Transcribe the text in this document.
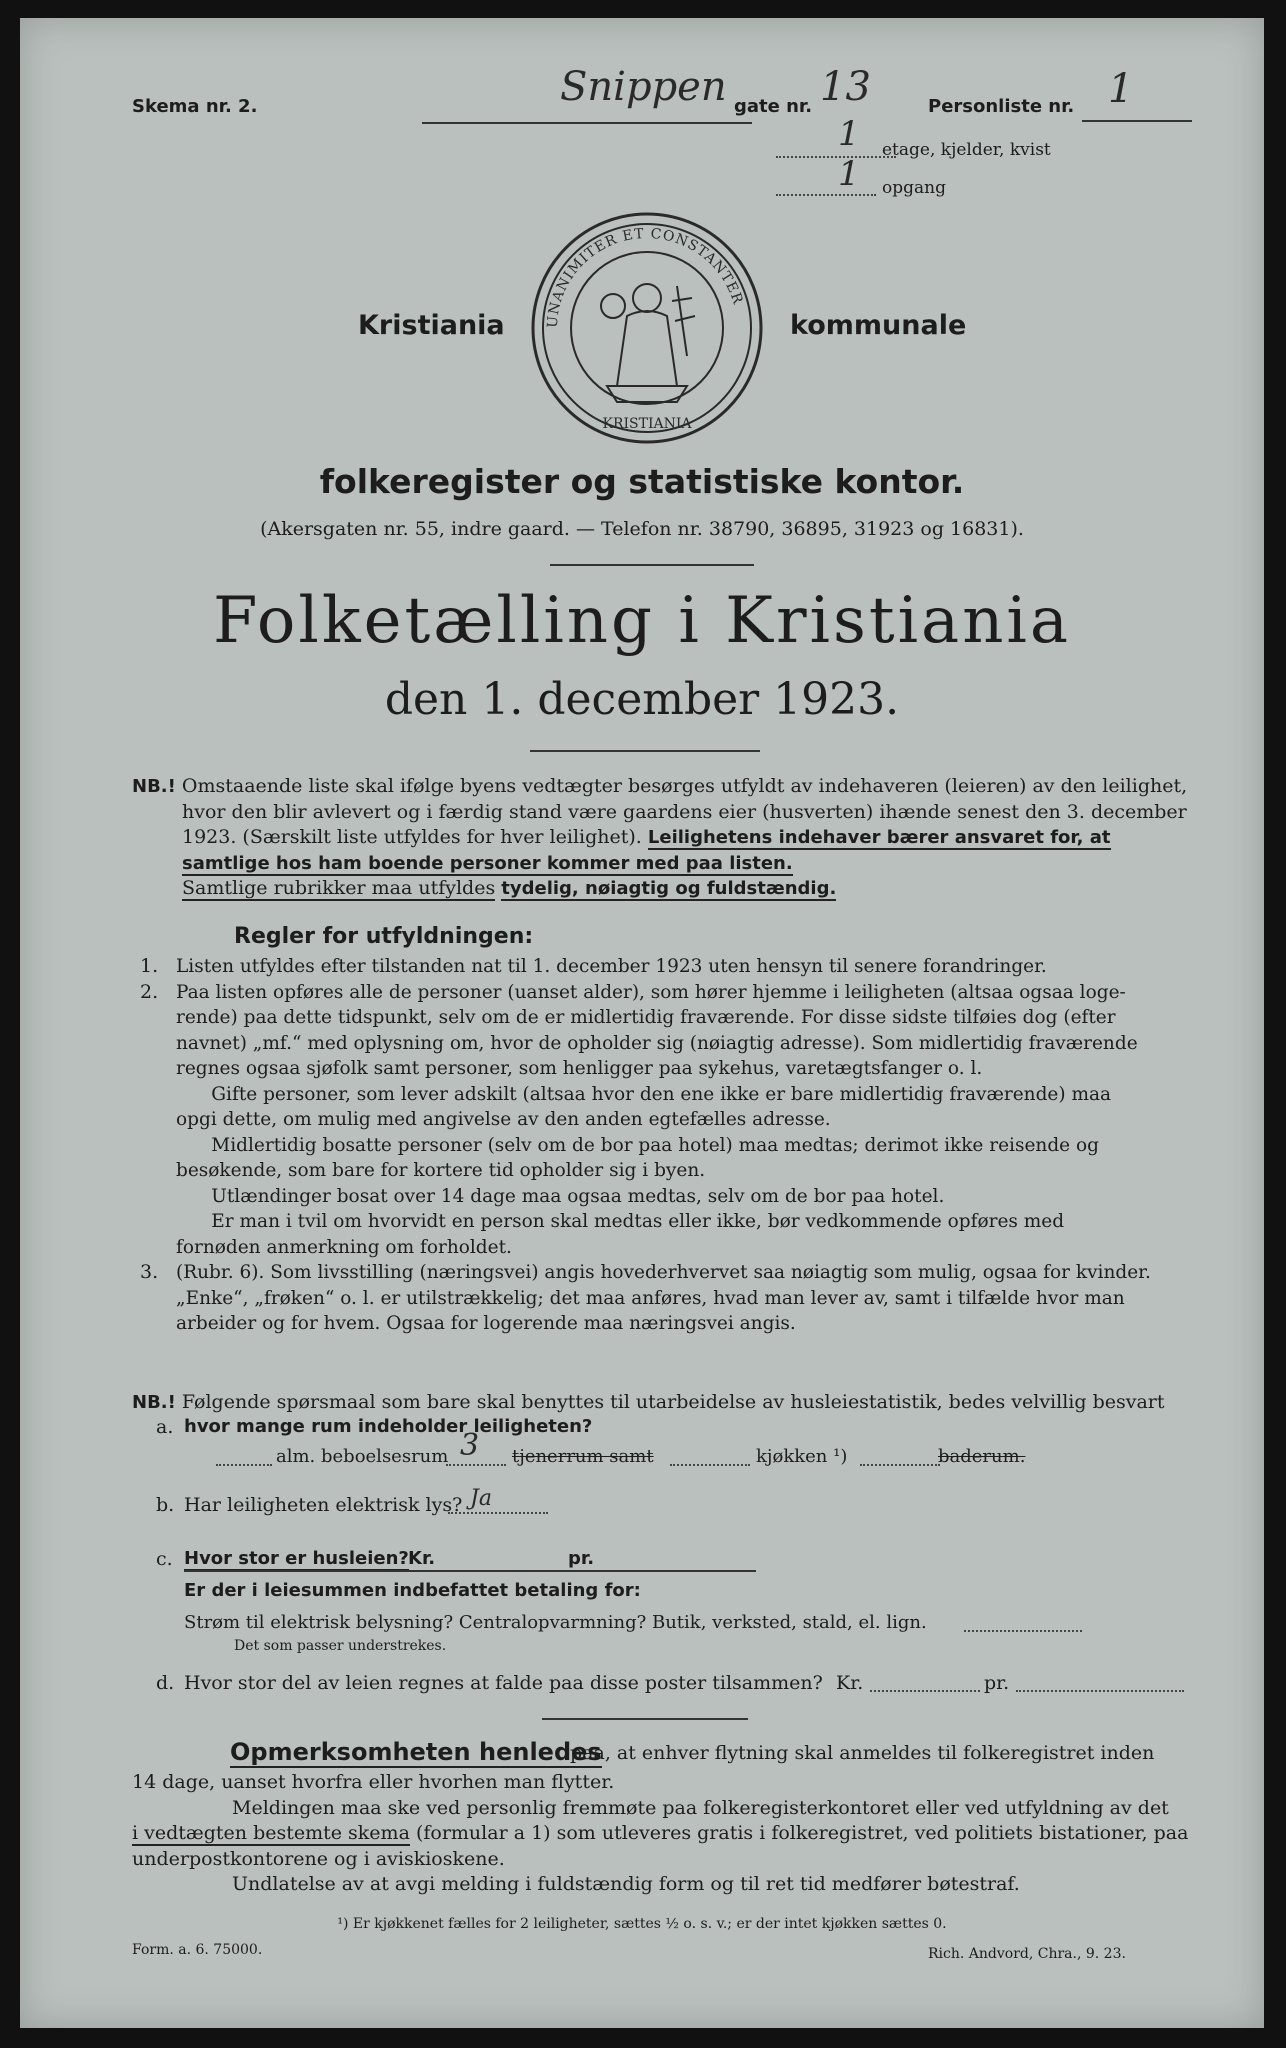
Skema nr. 2.	Snippen gate nr. 13	Personliste nr. 1
1 etage, kjelder, kvist
1 opgang
Kristiania	UNANIMITER ET CONSTANTER
KRISTIANIA
kommunale
folkeregister og statistiske kontor.
(Akersgaten nr. 55, indre gaard. — Telefon nr. 38790, 36895, 31923 og 16831).
Folketælling i Kristiania
den 1. december 1923.
NB.! Omstaaende liste skal ifølge byens vedtægter besørges utfyldt av indehaveren (leieren) av den leilighet,
hvor den blir avlevert og i færdig stand være gaardens eier (husverten) ihænde senest den 3. december
1923. (Særskilt liste utfyldes for hver leilighet). Leilighetens indehaver bærer ansvaret for, at
samtlige hos ham boende personer kommer med paa listen.
Samtlige rubrikker maa utfyldes tydelig, nøiagtig og fuldstændig.
Regler for utfyldningen:
1. Listen utfyldes efter tilstanden nat til 1. december 1923 uten hensyn til senere forandringer.
2. Paa listen opføres alle de personer (uanset alder), som hører hjemme i leiligheten (altsaa ogsaa loge-
rende) paa dette tidspunkt, selv om de er midlertidig fraværende. For disse sidste tilføies dog (efter
navnet) „mf.“ med oplysning om, hvor de opholder sig (nøiagtig adresse). Som midlertidig fraværende
regnes ogsaa sjøfolk samt personer, som henligger paa sykehus, varetægtsfanger o. l.
Gifte personer, som lever adskilt (altsaa hvor den ene ikke er bare midlertidig fraværende) maa
opgi dette, om mulig med angivelse av den anden egtefælles adresse.
Midlertidig bosatte personer (selv om de bor paa hotel) maa medtas; derimot ikke reisende og
besøkende, som bare for kortere tid opholder sig i byen.
Utlændinger bosat over 14 dage maa ogsaa medtas, selv om de bor paa hotel.
Er man i tvil om hvorvidt en person skal medtas eller ikke, bør vedkommende opføres med
fornøden anmerkning om forholdet.
3. (Rubr. 6). Som livsstilling (næringsvei) angis hovederhvervet saa nøiagtig som mulig, ogsaa for kvinder.
„Enke“, „frøken“ o. l. er utilstrækkelig; det maa anføres, hvad man lever av, samt i tilfælde hvor man
arbeider og for hvem. Ogsaa for logerende maa næringsvei angis.
NB.! Følgende spørsmaal som bare skal benyttes til utarbeidelse av husleiestatistik, bedes velvillig besvart
a. hvor mange rum indeholder leiligheten?
alm. beboelsesrum 3 tjenerrum samt	kjøkken ¹)	baderum.
b. Har leiligheten elektrisk lys? Ja
c. Hvor stor er husleien? Kr.	pr.
Er der i leiesummen indbefattet betaling for:
Strøm til elektrisk belysning? Centralopvarmning? Butik, verksted, stald, el. lign.
Det som passer understrekes.
d. Hvor stor del av leien regnes at falde paa disse poster tilsammen? Kr.	pr.
Opmerksomheten henledes
paa, at enhver flytning skal anmeldes til folkeregistret inden
14 dage, uanset hvorfra eller hvorhen man flytter.
Meldingen maa ske ved personlig fremmøte paa folkeregisterkontoret eller ved utfyldning av det
i vedtægten bestemte skema (formular a 1) som utleveres gratis i folkeregistret, ved politiets bistationer, paa
underpostkontorene og i aviskioskene.
Undlatelse av at avgi melding i fuldstændig form og til ret tid medfører bøtestraf.
¹) Er kjøkkenet fælles for 2 leiligheter, sættes ½ o. s. v.; er der intet kjøkken sættes 0.
Form. a. 6. 75000.	Rich. Andvord, Chra., 9. 23.
